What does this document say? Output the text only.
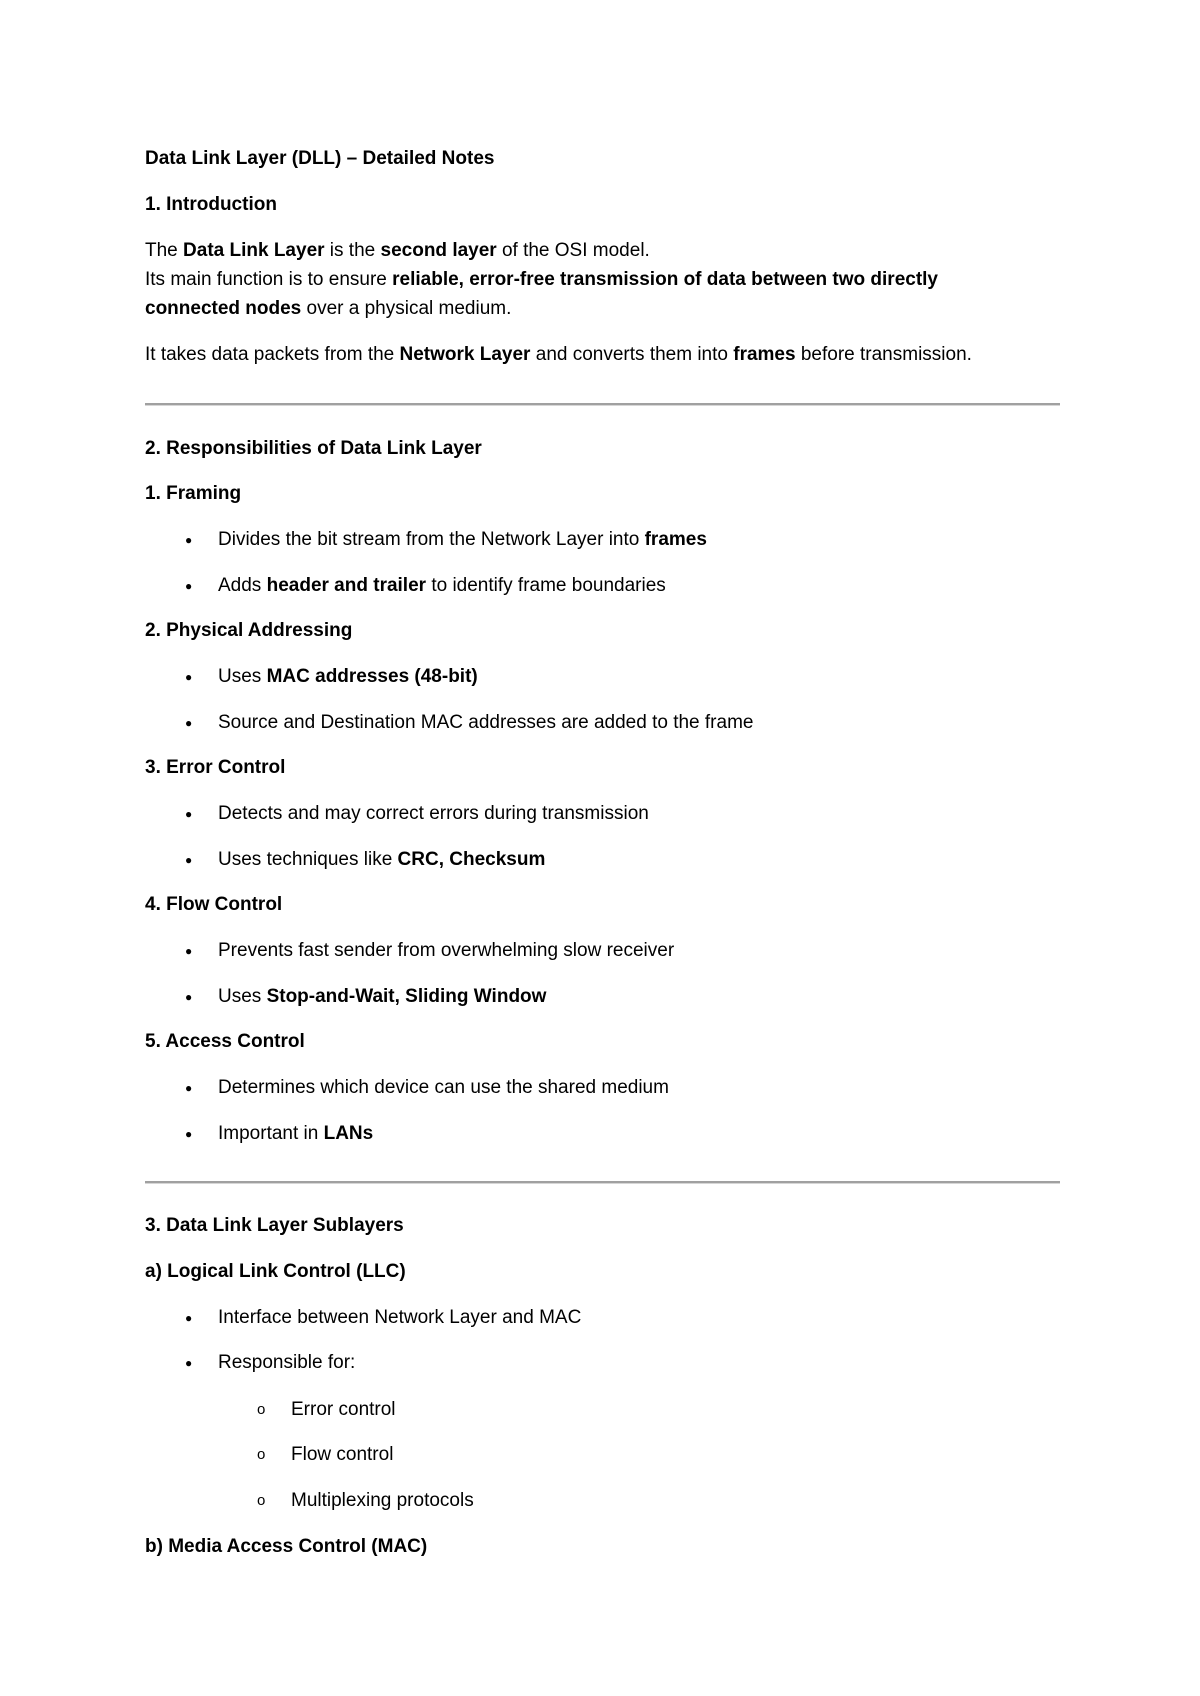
Data Link Layer (DLL) – Detailed Notes
1. Introduction
The Data Link Layer is the second layer of the OSI model.
Its main function is to ensure reliable, error-free transmission of data between two directly
connected nodes over a physical medium.
It takes data packets from the Network Layer and converts them into frames before transmission.
2. Responsibilities of Data Link Layer
1. Framing
● Divides the bit stream from the Network Layer into frames
● Adds header and trailer to identify frame boundaries
2. Physical Addressing
● Uses MAC addresses (48-bit)
● Source and Destination MAC addresses are added to the frame
3. Error Control
● Detects and may correct errors during transmission
● Uses techniques like CRC, Checksum
4. Flow Control
● Prevents fast sender from overwhelming slow receiver
● Uses Stop-and-Wait, Sliding Window
5. Access Control
● Determines which device can use the shared medium
● Important in LANs
3. Data Link Layer Sublayers
a) Logical Link Control (LLC)
● Interface between Network Layer and MAC
● Responsible for:
o Error control
o Flow control
o Multiplexing protocols
b) Media Access Control (MAC)
